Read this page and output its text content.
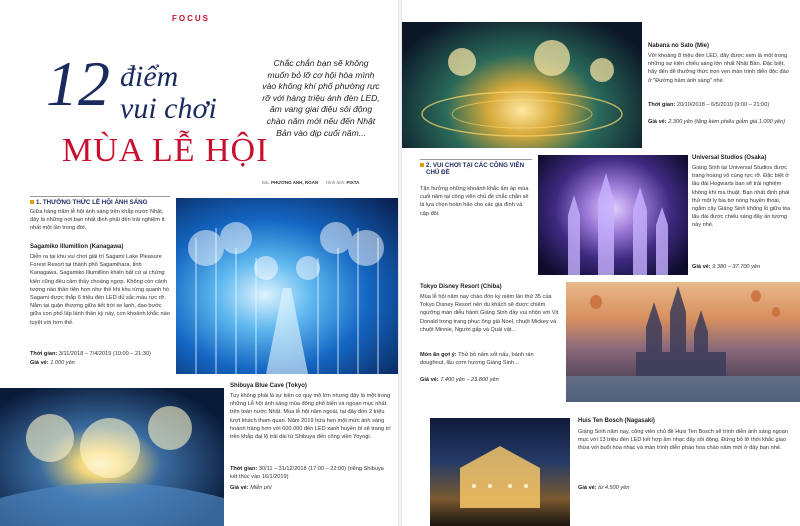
FOCUS
12 điểm
vui chơi
MÙA LỄ HỘI
Chắc chắn bạn sẽ không muốn bỏ lỡ cơ hội hòa mình vào không khí phố phường rực rỡ với hàng triệu ánh đèn LED, âm vang giai điệu sôi động chào năm mới nếu đến Nhật Bản vào dịp cuối năm...
Bài: PHƯƠNG ANH, ROAN Hình ảnh: PIXTA
1. THƯỞNG THỨC LỄ HỘI ÁNH SÁNG
Giữa hàng trăm lễ hội ánh sáng trên khắp nước Nhật, đây là những nơi bạn nhất định phải đến trải nghiệm ít nhất một lần trong đời.
Sagamiko Illumillion (Kanagawa)
Diễn ra tại khu vui chơi giải trí Sagami Lake Pleasure Forest Resort tại thành phố Sagamihara, tỉnh Kanagawa, Sagamiko Illumillion khiến bất cứ ai chứng kiến cũng đều cảm thấy choáng ngợp. Không còn cảnh tượng nào thần tiên hơn như thế khi khu rừng quanh hồ Sagami được thắp 6 triệu đèn LED đủ sắc màu rực rỡ. Nằm tại quận thượng giữa tiết trời se lạnh, dạo bước giữa con phố lấp lánh thần kỳ này, con khoảnh khắc nào tuyệt vời hơn thế.
Thời gian: 3/11/2018 – 7/4/2019 (10:00 – 21:30)
Giá vé: 1.000 yên
Shibuya Blue Cave (Tokyo)
Tuy không phải là sự kiện có quy mô lớn nhưng đây là một trong những Lễ hội ánh sáng mùa đông phổ biến và ngoạn mục nhất trên toàn nước Nhật. Mùa lễ hội năm ngoái, tại đây đón 2 triệu lượt khách tham quan. Năm 2019 hứa hẹn một mức ánh sáng hoành tráng hơn với 600.000 đèn LED xanh huyền bí sẽ trang trí trên khắp đại lộ trải dài từ Shibuya đến công viên Yoyogi.
Thời gian: 30/11 – 31/12/2018 (17:00 – 22:00) (riêng Shibuya kết thúc vào 16/1/2019)
Giá vé: Miễn phí
Nabana no Sato (Mie)
Với khoảng 8 triệu đèn LED, đây được xem là một trong những sự kiện chiếu sáng lớn nhất Nhật Bản. Đặc biệt, hãy đến để thưởng thức trọn vẹn màn trình diễn độc đáo ở "Đường hầm ánh sáng" nhé.
Thời gian: 20/10/2018 – 6/5/2019 (9:00 – 21:00)
Giá vé: 2.300 yên (tặng kèm phiếu giảm giá 1.000 yên)
2. VUI CHƠI TẠI CÁC CÔNG VIÊN CHỦ ĐỀ
Tận hưởng những khoảnh khắc ấm áp mùa cuối năm tại công viên chủ đề chắc chắn sẽ là lựa chọn hoàn hảo cho các gia đình và cặp đôi.
Universal Studios (Osaka)
Giáng Sinh tại Universal Studios được trang hoàng vô cùng rực rỡ. Đặc biệt ở lâu đài Hogwarts bạn sẽ trải nghiệm không khí ma thuật. Bạn nhất định phải thử một ly bia bơ nóng huyền thoại, ngắm cây Giáng Sinh khổng lồ giữa tòa lâu đài được chiếu sáng đầy ấn tượng này nhé.
Giá vé: 9.380 – 37.700 yên
Tokyo Disney Resort (Chiba)
Mùa lễ hội năm nay chào đón kỷ niệm lần thứ 35 của Tokyo Disney Resort nên du khách sẽ được chiêm ngưỡng màn diễu hành Giáng Sinh đầy vui nhộn với Vịt Donald trong trang phục ông già Noel, chuột Mickey và chuột Minnie, Người gấp và Quái vật...
Món ăn gợi ý: Thử bỏ nấm sốt nấu, bánh rán doughnut, lẩu cơm hương Giáng Sinh...
Giá vé: 7.400 yên – 23.800 yên
Huis Ten Bosch (Nagasaki)
Giáng Sinh năm nay, công viên chủ đề Huis Ten Bosch sẽ trình diễn ánh sáng ngoạn mục với 13 triệu đèn LED kết hợp âm nhạc đầy sôi động. Đứng bỏ lỡ thời khắc giao thừa với buổi hòa nhạc và màn trình diễn pháo hoa chào năm mới ở đây bạn nhé.
Giá vé: từ 4.500 yên
